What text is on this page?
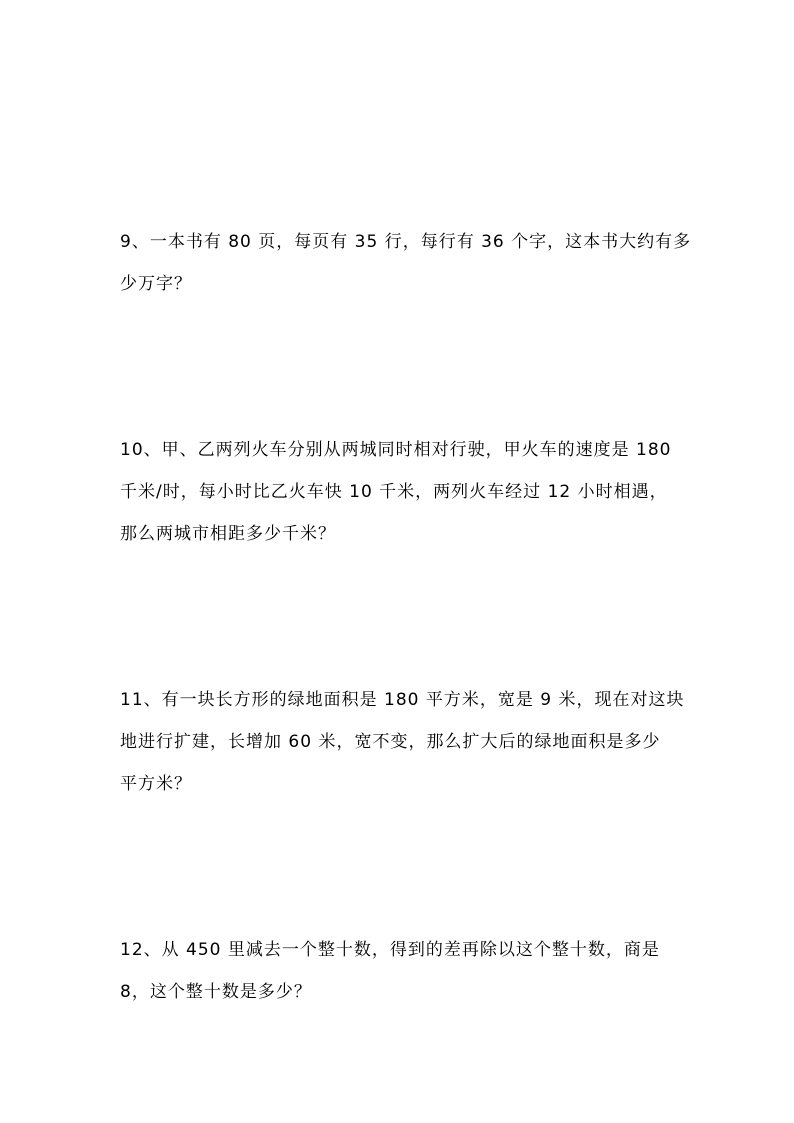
9、一本书有 80 页，每页有 35 行，每行有 36 个字，这本书大约有多
少万字？
10、甲、乙两列火车分别从两城同时相对行驶，甲火车的速度是 180
千米/时，每小时比乙火车快 10 千米，两列火车经过 12 小时相遇，
那么两城市相距多少千米？
11、有一块长方形的绿地面积是 180 平方米，宽是 9 米，现在对这块
地进行扩建，长增加 60 米，宽不变，那么扩大后的绿地面积是多少
平方米？
12、从 450 里减去一个整十数，得到的差再除以这个整十数，商是
8，这个整十数是多少？
